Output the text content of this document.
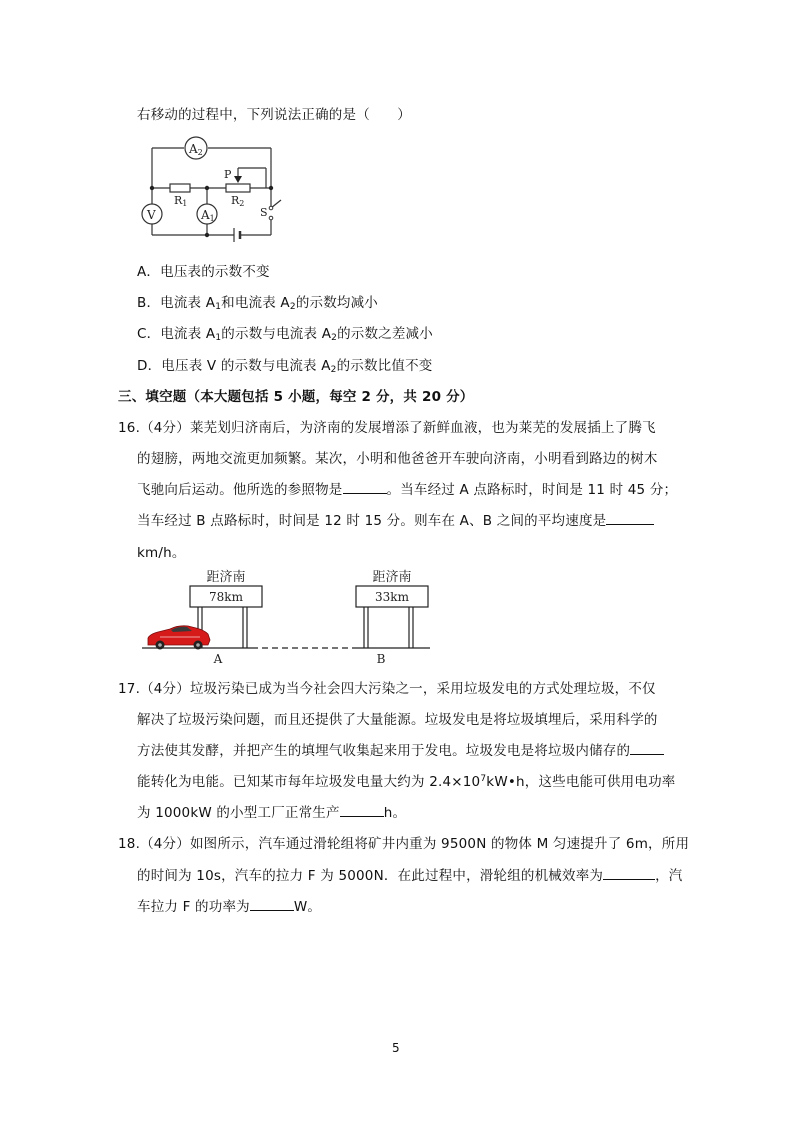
右移动的过程中，下列说法正确的是（　　）
A2
V	A1
R1	R2
P
S
A．电压表的示数不变
B．电流表 $A_1$和电流表 $A_2$的示数均减小
C．电流表 $A_1$的示数与电流表 $A_2$的示数之差减小
D．电压表 V 的示数与电流表 $A_2$的示数比值不变
三、填空题（本大题包括 5 小题，每空 2 分，共 20 分）
16.（4分）莱芜划归济南后，为济南的发展增添了新鲜血液，也为莱芜的发展插上了腾飞
的翅膀，两地交流更加频繁。某次，小明和他爸爸开车驶向济南，小明看到路边的树木
飞驰向后运动。他所选的参照物是	。当车经过 A 点路标时，时间是 11 时 45 分；
当车经过 B 点路标时，时间是 12 时 15 分。则车在 A、B 之间的平均速度是
km/h。
距济南
78km
距济南
33km
A	B
17.（4分）垃圾污染已成为当今社会四大污染之一，采用垃圾发电的方式处理垃圾，不仅
解决了垃圾污染问题，而且还提供了大量能源。垃圾发电是将垃圾填埋后，采用科学的
方法使其发酵，并把产生的填埋气收集起来用于发电。垃圾发电是将垃圾内储存的
能转化为电能。已知某市每年垃圾发电量大约为 $2.4\times 10^7kW•h$，这些电能可供用电功率
为 1000kW 的小型工厂正常生产	h。
18.（4分）如图所示，汽车通过滑轮组将矿井内重为 9500N 的物体 M 匀速提升了 6m，所用
的时间为 10s，汽车的拉力 F 为 5000N．在此过程中，滑轮组的机械效率为	，汽
车拉力 F 的功率为	W。
5
